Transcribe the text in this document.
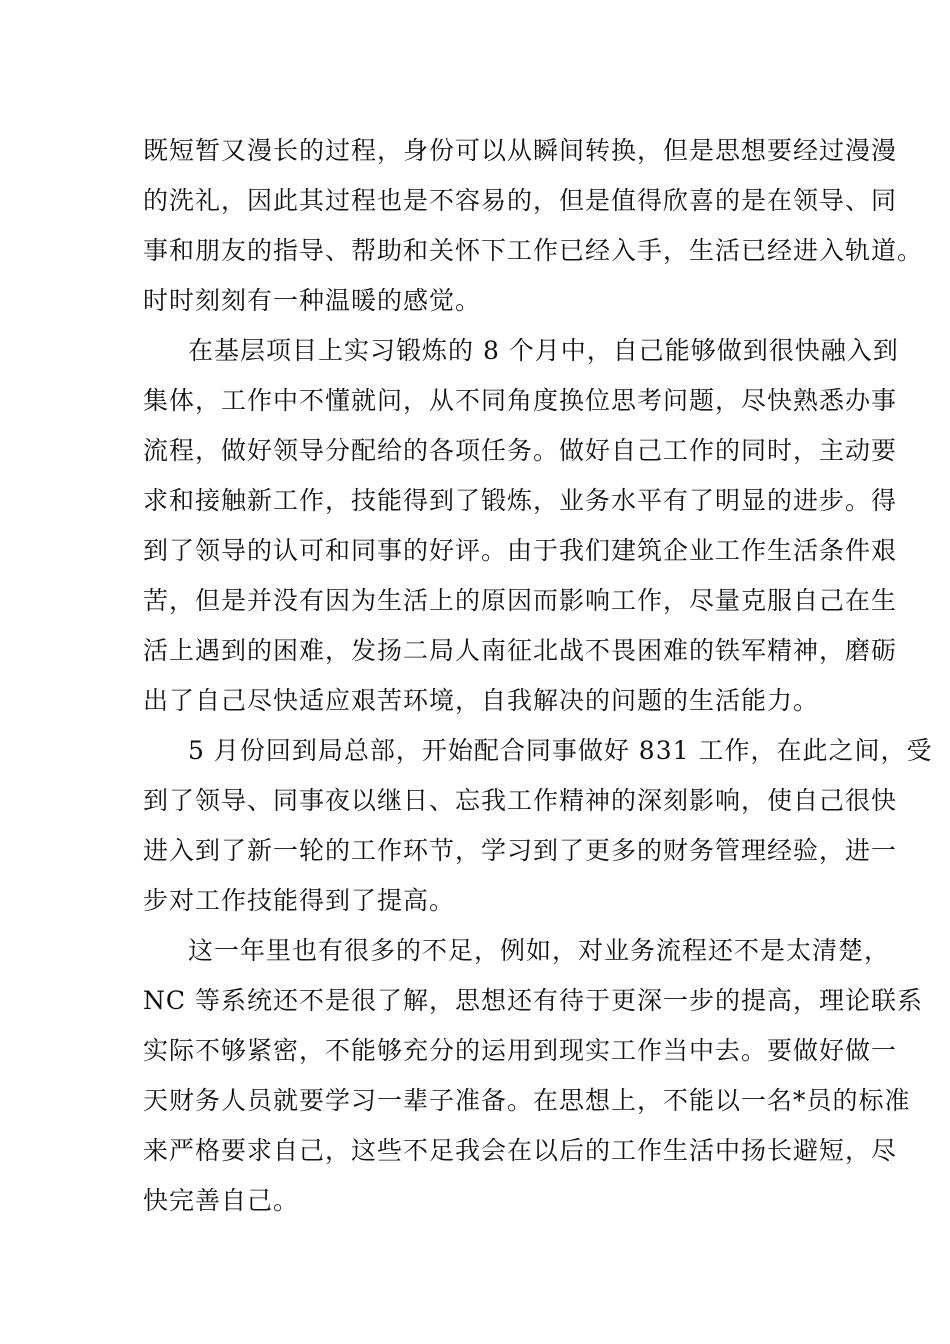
既短暂又漫长的过程，身份可以从瞬间转换，但是思想要经过漫漫
的洗礼，因此其过程也是不容易的，但是值得欣喜的是在领导、同
事和朋友的指导、帮助和关怀下工作已经入手，生活已经进入轨道。
时时刻刻有一种温暖的感觉。
在基层项目上实习锻炼的 8 个月中，自己能够做到很快融入到
集体，工作中不懂就问，从不同角度换位思考问题，尽快熟悉办事
流程，做好领导分配给的各项任务。做好自己工作的同时，主动要
求和接触新工作，技能得到了锻炼，业务水平有了明显的进步。得
到了领导的认可和同事的好评。由于我们建筑企业工作生活条件艰
苦，但是并没有因为生活上的原因而影响工作，尽量克服自己在生
活上遇到的困难，发扬二局人南征北战不畏困难的铁军精神，磨砺
出了自己尽快适应艰苦环境，自我解决的问题的生活能力。
5 月份回到局总部，开始配合同事做好 831 工作，在此之间，受
到了领导、同事夜以继日、忘我工作精神的深刻影响，使自己很快
进入到了新一轮的工作环节，学习到了更多的财务管理经验，进一
步对工作技能得到了提高。
这一年里也有很多的不足，例如，对业务流程还不是太清楚，
NC 等系统还不是很了解，思想还有待于更深一步的提高，理论联系
实际不够紧密，不能够充分的运用到现实工作当中去。要做好做一
天财务人员就要学习一辈子准备。在思想上，不能以一名*员的标准
来严格要求自己，这些不足我会在以后的工作生活中扬长避短，尽
快完善自己。
